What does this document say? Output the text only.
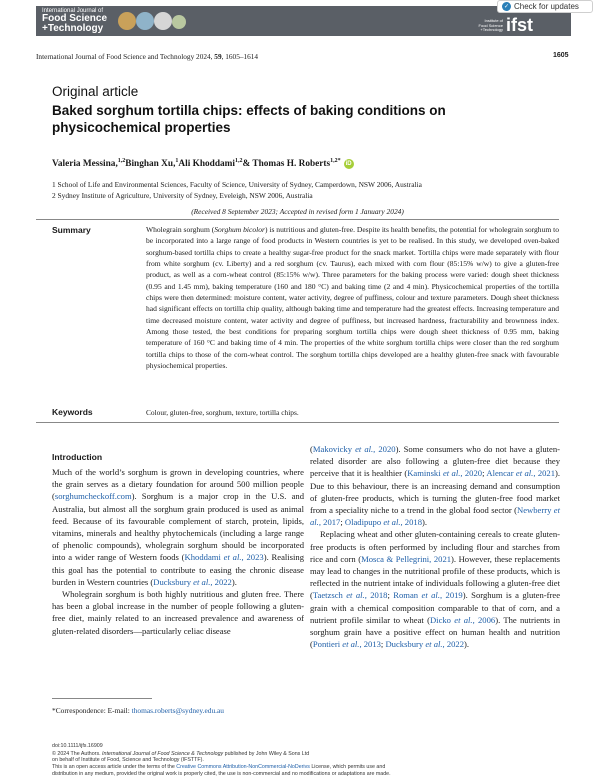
International Journal of
Food Science
+Technology
Institute of
Food Science
+Technology ifst
✓ Check for updates
International Journal of Food Science and Technology 2024, 59, 1605–1614	1605
Original article
Baked sorghum tortilla chips: effects of baking conditions on physicochemical properties
Valeria Messina,$^{1,2}$ Binghan Xu,$^1$ Ali Khoddami$^{1,2}$ & Thomas H. Roberts$^{1,2*}$ iD
1 School of Life and Environmental Sciences, Faculty of Science, University of Sydney, Camperdown, NSW 2006, Australia
2 Sydney Institute of Agriculture, University of Sydney, Eveleigh, NSW 2006, Australia
(Received 8 September 2023; Accepted in revised form 1 January 2024)
Summary	Wholegrain sorghum (Sorghum bicolor) is nutritious and gluten-free. Despite its health benefits, the potential for wholegrain sorghum to be incorporated into a large range of food products in Western countries is yet to be realised. In this study, we developed oven-baked sorghum-based tortilla chips to create a healthy sugar-free product for the snack market. Tortilla chips were made separately with flour from white sorghum (cv. Liberty) and a red sorghum (cv. Taurus), each mixed with corn flour (85:15% w/w) to give a gluten-free product, as well as a corn-wheat control (85:15% w/w). Three parameters for the baking process were varied: dough sheet thickness (0.95 and 1.45 mm), baking temperature (160 and 180 °C) and baking time (2 and 4 min). Physicochemical properties of the tortilla chips were then determined: moisture content, water activity, degree of puffiness, colour and texture parameters. Dough sheet thickness had significant effects on tortilla chip quality, although baking time and temperature had the greatest effects. Increasing temperature and time decreased moisture content, water activity and degree of puffiness, but increased hardness, fracturability and brownness index. Among those tested, the best conditions for preparing sorghum tortilla chips were dough sheet thickness of 0.95 mm, baking temperature of 160 °C and baking time of 4 min. The properties of the white sorghum tortilla chips were closer than the red sorghum tortilla chips to those of the corn-wheat control. The sorghum tortilla chips developed are a healthy gluten-free snack with favourable physiochemical properties.
Keywords	Colour, gluten-free, sorghum, texture, tortilla chips.
Introduction

Much of the world’s sorghum is grown in developing countries, where the grain serves as a dietary foundation for around 500 million people (sorghumcheckoff.com). Sorghum is a major crop in the U.S. and Australia, but almost all the sorghum grain produced is used as animal feed. Because of its favourable complement of starch, protein, lipids, vitamins, minerals and healthy phytochemicals (including a large range of phenolic compounds), wholegrain sorghum should be incorporated into a wider range of Western foods (Khoddami et al., 2023). Realising this goal has the potential to contribute to easing the chronic disease burden in Western countries (Ducksbury et al., 2022).

Wholegrain sorghum is both highly nutritious and gluten free. There has been a global increase in the number of people following a gluten-free diet, mainly related to an increased prevalence and awareness of gluten-related disorders—particularly celiac disease

(Makovicky et al., 2020). Some consumers who do not have a gluten-related disorder are also following a gluten-free diet because they perceive that it is healthier (Kaminski et al., 2020; Alencar et al., 2021). Due to this behaviour, there is an increasing demand and consumption of gluten-free products, which is turning the gluten-free food market from a speciality niche to a trend in the global food sector (Newberry et al., 2017; Oladipupo et al., 2018).

Replacing wheat and other gluten-containing cereals to create gluten-free products is often performed by including flour and starches from rice and corn (Mosca & Pellegrini, 2021). However, these replacements may lead to changes in the nutritional profile of these products, which is reflected in the nutrient intake of individuals following a gluten-free diet (Taetzsch et al., 2018; Roman et al., 2019). Sorghum is a gluten-free grain with a chemical composition comparable to that of corn, and a nutrient profile similar to wheat (Dicko et al., 2006). The nutrients in sorghum grain have a positive effect on human health and nutrition (Pontieri et al., 2013; Ducksbury et al., 2022).

*Correspondence: E-mail: thomas.roberts@sydney.edu.au
doi:10.1111/ijfs.16909
© 2024 The Authors. International Journal of Food Science & Technology published by John Wiley & Sons Ltd
on behalf of Institute of Food, Science and Technology (IFSTTF).
This is an open access article under the terms of the Creative Commons Attribution-NonCommercial-NoDerivs License, which permits use and
distribution in any medium, provided the original work is properly cited, the use is non-commercial and no modifications or adaptations are made.
